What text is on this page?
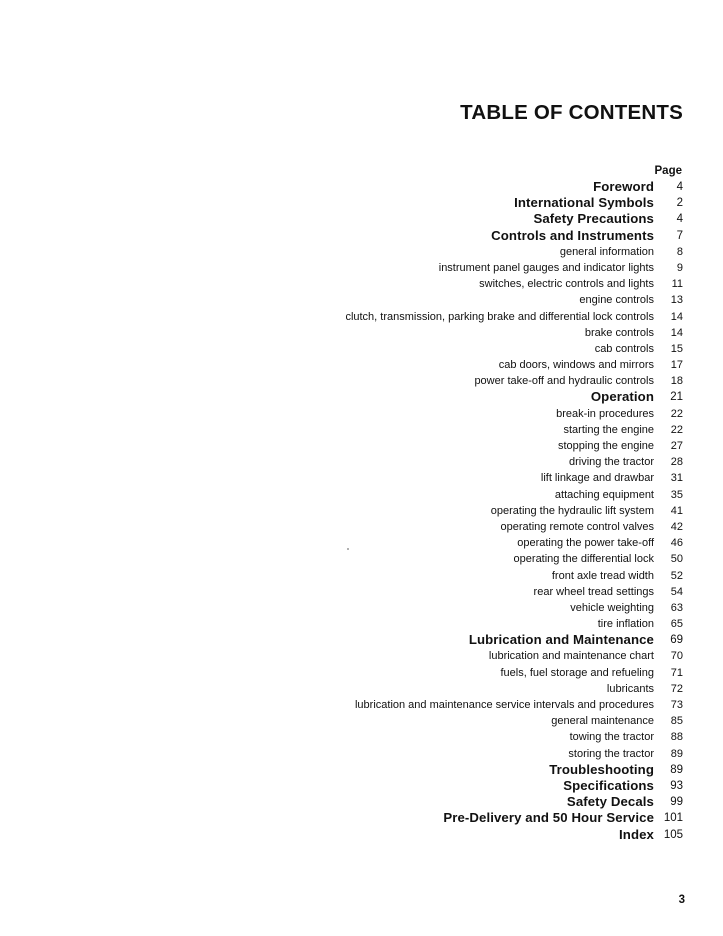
TABLE OF CONTENTS
Page
Foreword	4
International Symbols	2
Safety Precautions	4
Controls and Instruments	7
general information	8
instrument panel gauges and indicator lights	9
switches, electric controls and lights	11
engine controls	13
clutch, transmission, parking brake and differential lock controls	14
brake controls	14
cab controls	15
cab doors, windows and mirrors	17
power take-off and hydraulic controls	18
Operation	21
break-in procedures	22
starting the engine	22
stopping the engine	27
driving the tractor	28
lift linkage and drawbar	31
attaching equipment	35
operating the hydraulic lift system	41
operating remote control valves	42
operating the power take-off	46
operating the differential lock	50
front axle tread width	52
rear wheel tread settings	54
vehicle weighting	63
tire inflation	65
Lubrication and Maintenance	69
lubrication and maintenance chart	70
fuels, fuel storage and refueling	71
lubricants	72
lubrication and maintenance service intervals and procedures	73
general maintenance	85
towing the tractor	88
storing the tractor	89
Troubleshooting	89
Specifications	93
Safety Decals	99
Pre-Delivery and 50 Hour Service 101
Index 105
3
